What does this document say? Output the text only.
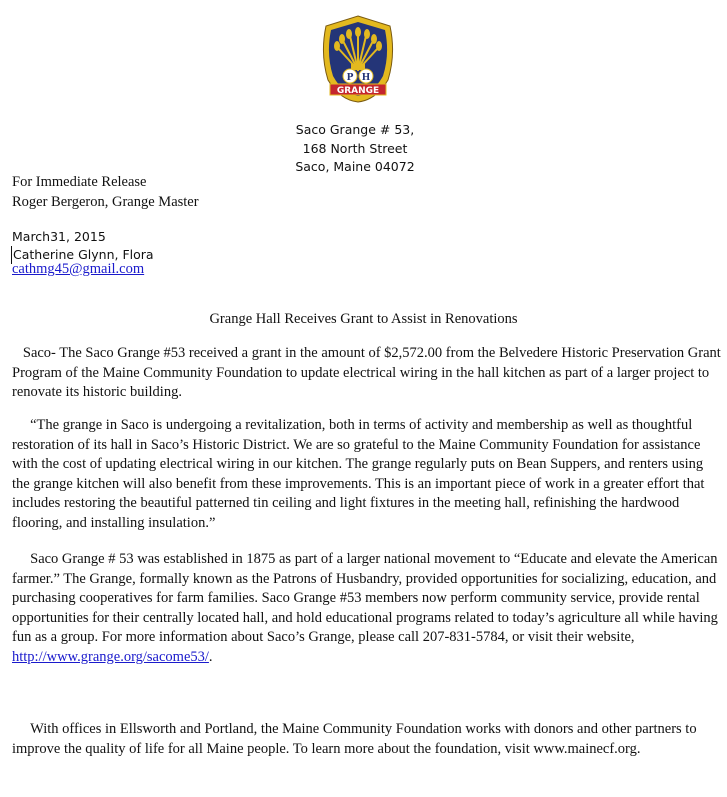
P H
GRANGE
Saco Grange # 53,
168 North Street
Saco, Maine 04072
For Immediate Release
Roger Bergeron, Grange Master
March31, 2015
Catherine Glynn, Flora
cathmg45@gmail.com
Grange Hall Receives Grant to Assist in Renovations

Saco- The Saco Grange #53 received a grant in the amount of $2,572.00 from the Belvedere Historic Preservation Grant Program of the Maine Community Foundation to update electrical wiring in the hall kitchen as part of a larger project to renovate its historic building.

“The grange in Saco is undergoing a revitalization, both in terms of activity and membership as well as thoughtful restoration of its hall in Saco’s Historic District. We are so grateful to the Maine Community Foundation for assistance with the cost of updating electrical wiring in our kitchen. The grange regularly puts on Bean Suppers, and renters using the grange kitchen will also benefit from these improvements. This is an important piece of work in a greater effort that includes restoring the beautiful patterned tin ceiling and light fixtures in the meeting hall, refinishing the hardwood flooring, and installing insulation.”

Saco Grange # 53 was established in 1875 as part of a larger national movement to “Educate and elevate the American farmer.” The Grange, formally known as the Patrons of Husbandry, provided opportunities for socializing, education, and purchasing cooperatives for farm families. Saco Grange #53 members now perform community service, provide rental opportunities for their centrally located hall, and hold educational programs related to today’s agriculture all while having fun as a group. For more information about Saco’s Grange, please call 207-831-5784, or visit their website, http://www.grange.org/sacome53/.

With offices in Ellsworth and Portland, the Maine Community Foundation works with donors and other partners to improve the quality of life for all Maine people. To learn more about the foundation, visit www.mainecf.org.
